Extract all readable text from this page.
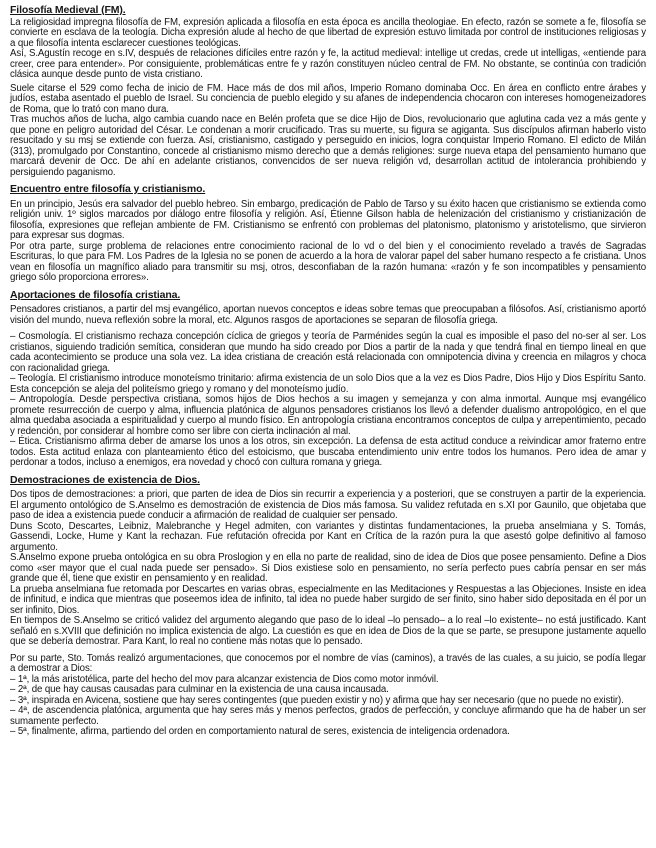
Filosofía Medieval (FM).

La religiosidad impregna filosofía de FM, expresión aplicada a filosofía en esta época es ancilla theologiae. En efecto, razón se somete a fe, filosofía se convierte en esclava de la teología. Dicha expresión alude al hecho de que libertad de expresión estuvo limitada por control de instituciones religiosas y a que filosofía intenta esclarecer cuestiones teológicas.

Así, S.Agustín recoge en s.IV, después de relaciones difíciles entre razón y fe, la actitud medieval: intellige ut credas, crede ut intelligas, «entiende para creer, cree para entender». Por consiguiente, problemáticas entre fe y razón constituyen núcleo central de FM. No obstante, se continúa con tradición clásica aunque desde punto de vista cristiano.

Suele citarse el 529 como fecha de inicio de FM. Hace más de dos mil años, Imperio Romano dominaba Occ. En área en conflicto entre árabes y judíos, estaba asentado el pueblo de Israel. Su conciencia de pueblo elegido y su afanes de independencia chocaron con intereses homogeneizadores de Roma, que lo trató con mano dura.

Tras muchos años de lucha, algo cambia cuando nace en Belén profeta que se dice Hijo de Dios, revolucionario que aglutina cada vez a más gente y que pone en peligro autoridad del César. Le condenan a morir crucificado. Tras su muerte, su figura se agiganta. Sus discípulos afirman haberlo visto resucitado y su msj se extiende con fuerza. Así, cristianismo, castigado y perseguido en inicios, logra conquistar Imperio Romano. El edicto de Milán (313), promulgado por Constantino, concede al cristianismo mismo derecho que a demás religiones: surge nueva etapa del pensamiento humano que marcará devenir de Occ. De ahí en adelante cristianos, convencidos de ser nueva religión vd, desarrollan actitud de intolerancia prohibiendo y persiguiendo paganismo.

Encuentro entre filosofía y cristianismo.

En un principio, Jesús era salvador del pueblo hebreo. Sin embargo, predicación de Pablo de Tarso y su éxito hacen que cristianismo se extienda como religión univ. 1º siglos marcados por diálogo entre filosofía y religión. Así, Étienne Gilson habla de helenización del cristianismo y cristianización de filosofía, expresiones que reflejan ambiente de FM. Cristianismo se enfrentó con problemas del platonismo, platonismo y aristotelismo, que sirvieron para expresar sus dogmas.

Por otra parte, surge problema de relaciones entre conocimiento racional de lo vd o del bien y el conocimiento revelado a través de Sagradas Escrituras, lo que para FM. Los Padres de la Iglesia no se ponen de acuerdo a la hora de valorar papel del saber humano respecto a fe cristiana. Unos vean en filosofía un magnífico aliado para transmitir su msj, otros, desconfiaban de la razón humana: «razón y fe son incompatibles y pensamiento griego sólo proporciona errores».

Aportaciones de filosofía cristiana.

Pensadores cristianos, a partir del msj evangélico, aportan nuevos conceptos e ideas sobre temas que preocupaban a filósofos. Así, cristianismo aportó visión del mundo, nueva reflexión sobre la moral, etc. Algunos rasgos de aportaciones se separan de filosofía griega.

– Cosmología. El cristianismo rechaza concepción cíclica de griegos y teoría de Parménides según la cual es imposible el paso del no-ser al ser. Los cristianos, siguiendo tradición semítica, consideran que mundo ha sido creado por Dios a partir de la nada y que tendrá final en tiempo lineal en que cada acontecimiento se produce una sola vez. La idea cristiana de creación está relacionada con omnipotencia divina y creencia en milagros y choca con racionalidad griega.

– Teología. El cristianismo introduce monoteísmo trinitario: afirma existencia de un solo Dios que a la vez es Dios Padre, Dios Hijo y Dios Espíritu Santo. Esta concepción se aleja del politeísmo griego y romano y del monoteísmo judío.

– Antropología. Desde perspectiva cristiana, somos hijos de Dios hechos a su imagen y semejanza y con alma inmortal. Aunque msj evangélico promete resurrección de cuerpo y alma, influencia platónica de algunos pensadores cristianos los llevó a defender dualismo antropológico, en el que alma quedaba asociada a espiritualidad y cuerpo al mundo físico. En antropología cristiana encontramos conceptos de culpa y arrepentimiento, pecado y redención, por considerar al hombre como ser libre con cierta inclinación al mal.

– Ética. Cristianismo afirma deber de amarse los unos a los otros, sin excepción. La defensa de esta actitud conduce a reivindicar amor fraterno entre todos. Esta actitud enlaza con planteamiento ético del estoicismo, que buscaba entendimiento univ entre todos los humanos. Pero idea de amar y perdonar a todos, incluso a enemigos, era novedad y chocó con cultura romana y griega.

Demostraciones de existencia de Dios.

Dos tipos de demostraciones: a priori, que parten de idea de Dios sin recurrir a experiencia y a posteriori, que se construyen a partir de la experiencia. El argumento ontológico de S.Anselmo es demostración de existencia de Dios más famosa. Su validez refutada en s.XI por Gaunilo, que objetaba que paso de idea a existencia puede conducir a afirmación de realidad de cualquier ser pensado.

Duns Scoto, Descartes, Leibniz, Malebranche y Hegel admiten, con variantes y distintas fundamentaciones, la prueba anselmiana y S. Tomás, Gassendi, Locke, Hume y Kant la rechazan. Fue refutación ofrecida por Kant en Crítica de la razón pura la que asestó golpe definitivo al famoso argumento.

S.Anselmo expone prueba ontológica en su obra Proslogion y en ella no parte de realidad, sino de idea de Dios que posee pensamiento. Define a Dios como «ser mayor que el cual nada puede ser pensado». Si Dios existiese solo en pensamiento, no sería perfecto pues cabría pensar en ser más grande que él, tiene que existir en pensamiento y en realidad.

La prueba anselmiana fue retomada por Descartes en varias obras, especialmente en las Meditaciones y Respuestas a las Objeciones. Insiste en idea de infinitud, e indica que mientras que poseemos idea de infinito, tal idea no puede haber surgido de ser finito, sino haber sido depositada en él por un ser infinito, Dios.

En tiempos de S.Anselmo se criticó validez del argumento alegando que paso de lo ideal –lo pensado– a lo real –lo existente– no está justificado. Kant señaló en s.XVIII que definición no implica existencia de algo. La cuestión es que en idea de Dios de la que se parte, se presupone justamente aquello que se debería demostrar. Para Kant, lo real no contiene más notas que lo pensado.

Por su parte, Sto. Tomás realizó argumentaciones, que conocemos por el nombre de vías (caminos), a través de las cuales, a su juicio, se podía llegar a demostrar a Dios:

– 1ª, la más aristotélica, parte del hecho del mov para alcanzar existencia de Dios como motor inmóvil.

– 2ª, de que hay causas causadas para culminar en la existencia de una causa incausada.

– 3ª, inspirada en Avicena, sostiene que hay seres contingentes (que pueden existir y no) y afirma que hay ser necesario (que no puede no existir).

– 4ª, de ascendencia platónica, argumenta que hay seres más y menos perfectos, grados de perfección, y concluye afirmando que ha de haber un ser sumamente perfecto.

– 5ª, finalmente, afirma, partiendo del orden en comportamiento natural de seres, existencia de inteligencia ordenadora.
